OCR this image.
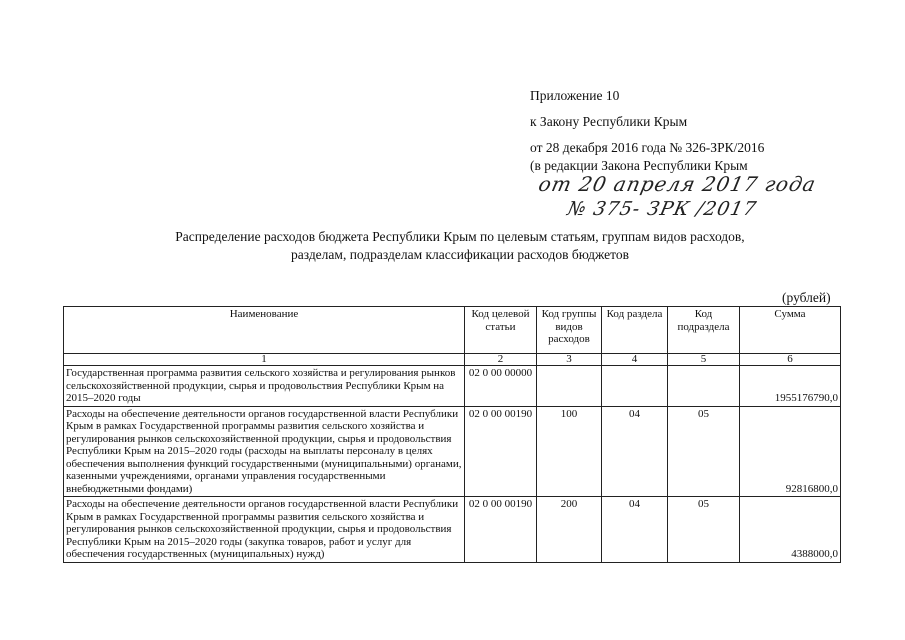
Приложение 10
к Закону Республики Крым
от 28 декабря 2016 года № 326-ЗРК/2016
(в редакции Закона Республики Крым
от 20 апреля 2017 года
№ 375- ЗРК /2017
Распределение расходов бюджета Республики Крым по целевым статьям, группам видов расходов,
разделам, подразделам классификации расходов бюджетов
(рублей)
Наименование	Код целевой статьи	Код группы видов расходов	Код раздела	Код подраздела	Сумма
1	2	3	4	5	6
Государственная программа развития сельского хозяйства и регулирования рынков сельскохозяйственной продукции, сырья и продовольствия Республики Крым на 2015–2020 годы	02 0 00 00000				1955176790,0
Расходы на обеспечение деятельности органов государственной власти Республики Крым в рамках Государственной программы развития сельского хозяйства и регулирования рынков сельскохозяйственной продукции, сырья и продовольствия Республики Крым на 2015–2020 годы (расходы на выплаты персоналу в целях обеспечения выполнения функций государственными (муниципальными) органами, казенными учреждениями, органами управления государственными внебюджетными фондами)	02 0 00 00190	100	04	05	92816800,0
Расходы на обеспечение деятельности органов государственной власти Республики Крым в рамках Государственной программы развития сельского хозяйства и регулирования рынков сельскохозяйственной продукции, сырья и продовольствия Республики Крым на 2015–2020 годы (закупка товаров, работ и услуг для обеспечения государственных (муниципальных) нужд)	02 0 00 00190	200	04	05	4388000,0
